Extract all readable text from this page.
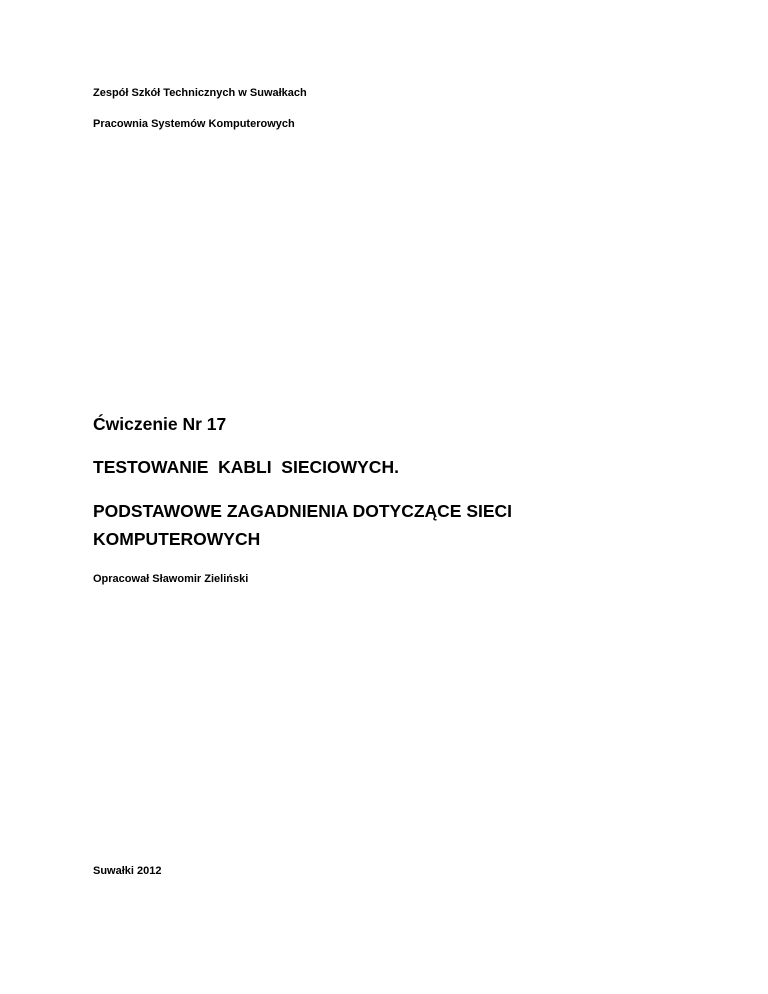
Zespół Szkół Technicznych w Suwałkach
Pracownia Systemów Komputerowych
Ćwiczenie Nr 17
TESTOWANIE  KABLI  SIECIOWYCH.
PODSTAWOWE ZAGADNIENIA DOTYCZĄCE SIECI
KOMPUTEROWYCH
Opracował Sławomir Zieliński
Suwałki 2012
